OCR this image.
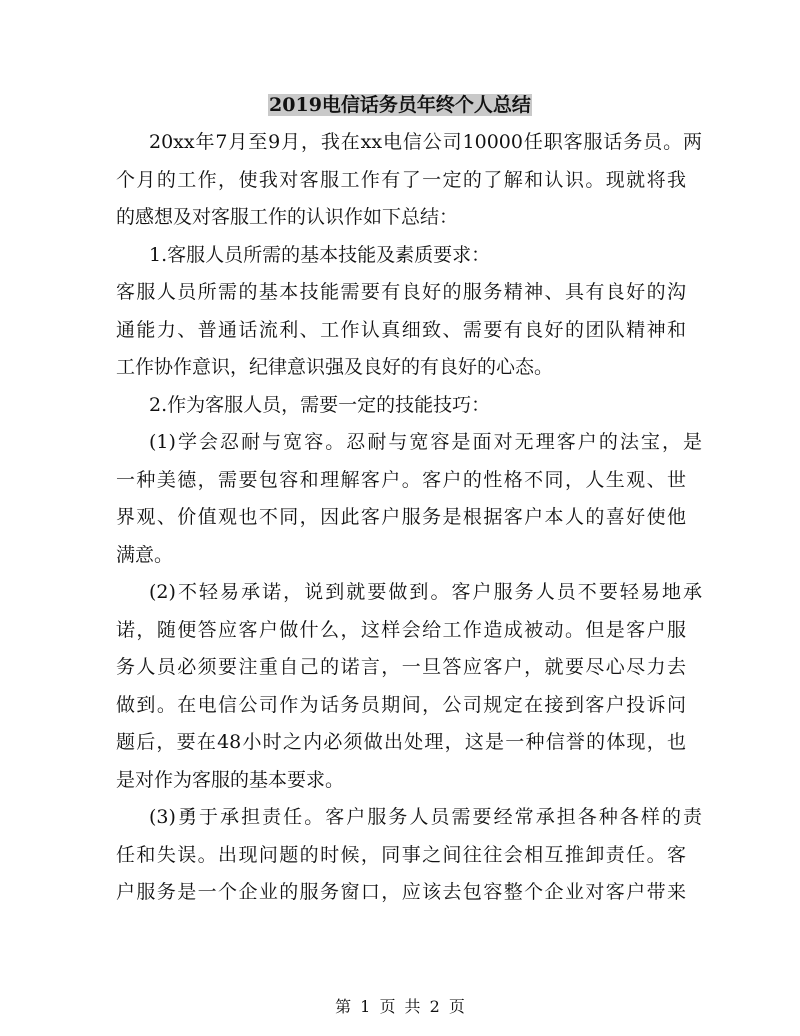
2019电信话务员年终个人总结
20xx年7月至9月，我在xx电信公司10000任职客服话务员。两
个月的工作，使我对客服工作有了一定的了解和认识。现就将我
的感想及对客服工作的认识作如下总结：
1.客服人员所需的基本技能及素质要求：
客服人员所需的基本技能需要有良好的服务精神、具有良好的沟
通能力、普通话流利、工作认真细致、需要有良好的团队精神和
工作协作意识，纪律意识强及良好的有良好的心态。
2.作为客服人员，需要一定的技能技巧：
(1)学会忍耐与宽容。忍耐与宽容是面对无理客户的法宝，是
一种美德，需要包容和理解客户。客户的性格不同，人生观、世
界观、价值观也不同，因此客户服务是根据客户本人的喜好使他
满意。
(2)不轻易承诺，说到就要做到。客户服务人员不要轻易地承
诺，随便答应客户做什么，这样会给工作造成被动。但是客户服
务人员必须要注重自己的诺言，一旦答应客户，就要尽心尽力去
做到。在电信公司作为话务员期间，公司规定在接到客户投诉问
题后，要在48小时之内必须做出处理，这是一种信誉的体现，也
是对作为客服的基本要求。
(3)勇于承担责任。客户服务人员需要经常承担各种各样的责
任和失误。出现问题的时候，同事之间往往会相互推卸责任。客
户服务是一个企业的服务窗口，应该去包容整个企业对客户带来
第 1 页 共 2 页
